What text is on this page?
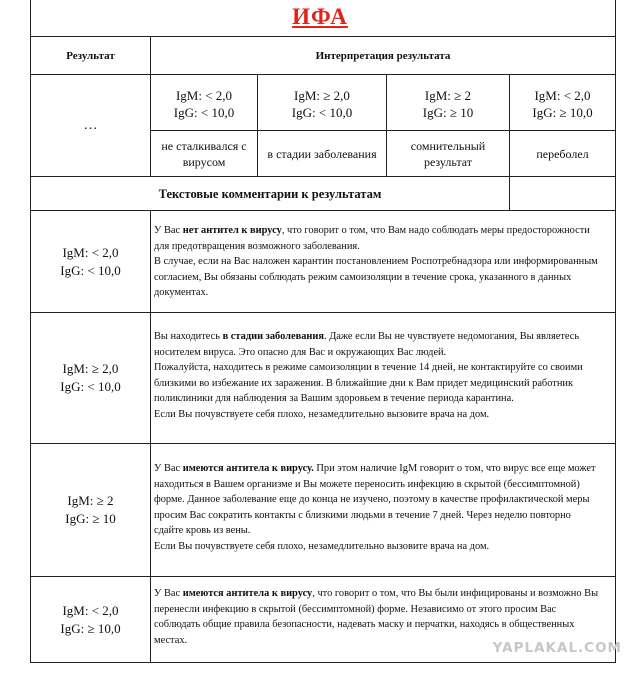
ИФА
Результат	Интерпретация результата
…
IgM: < 2,0
IgG: < 10,0
IgM: ≥ 2,0
IgG: < 10,0
IgM: ≥ 2
IgG: ≥ 10
IgM: < 2,0
IgG: ≥ 10,0
не сталкивался с вирусом
в стадии заболевания
сомнительный результат
переболел
Текстовые комментарии к результатам
IgM: < 2,0
IgG: < 10,0
У Вас нет антител к вирусу, что говорит о том, что Вам надо соблюдать меры предосторожности для предотвращения возможного заболевания.
В случае, если на Вас наложен карантин постановлением Роспотребнадзора или информированным согласием, Вы обязаны соблюдать режим самоизоляции в течение срока, указанного в данных документах.
IgM: ≥ 2,0
IgG: < 10,0
Вы находитесь в стадии заболевания. Даже если Вы не чувствуете недомогания, Вы являетесь носителем вируса. Это опасно для Вас и окружающих Вас людей.
Пожалуйста, находитесь в режиме самоизоляции в течение 14 дней, не контактируйте со своими близкими во избежание их заражения. В ближайшие дни к Вам придет медицинский работник поликлиники для наблюдения за Вашим здоровьем в течение периода карантина.
Если Вы почувствуете себя плохо, незамедлительно вызовите врача на дом.
IgM: ≥ 2
IgG: ≥ 10
У Вас имеются антитела к вирусу. При этом наличие IgM говорит о том, что вирус все еще может находиться в Вашем организме и Вы можете переносить инфекцию в скрытой (бессимптомной) форме. Данное заболевание еще до конца не изучено, поэтому в качестве профилактической меры просим Вас сократить контакты с близкими людьми в течение 7 дней. Через неделю повторно сдайте кровь из вены.
Если Вы почувствуете себя плохо, незамедлительно вызовите врача на дом.
IgM: < 2,0
IgG: ≥ 10,0
У Вас имеются антитела к вирусу, что говорит о том, что Вы были инфицированы и возможно Вы перенесли инфекцию в скрытой (бессимптомной) форме. Независимо от этого просим Вас соблюдать общие правила безопасности, надевать маску и перчатки, находясь в общественных местах.	YAPLAKAL.COM
